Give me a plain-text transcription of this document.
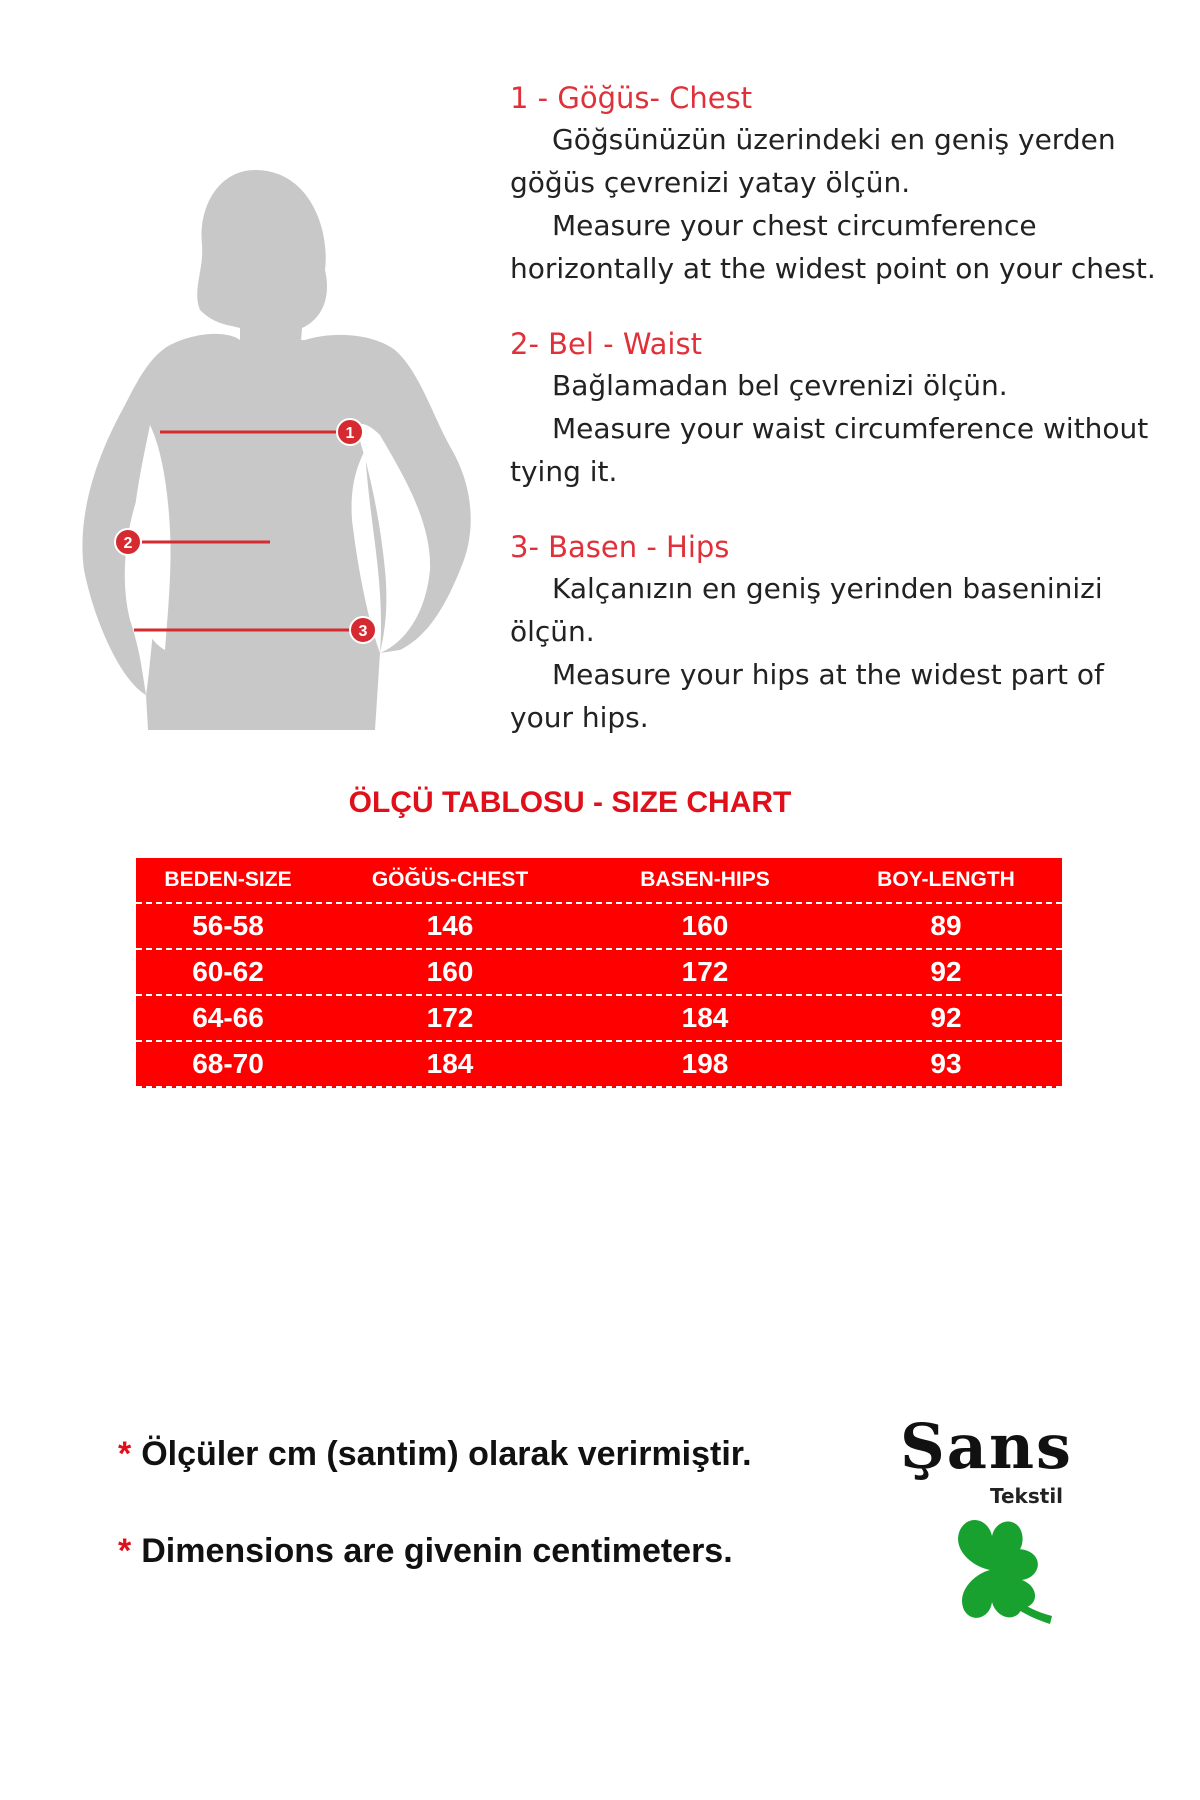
1
2
3

1 - Göğüs- Chest

Göğsünüzün üzerindeki en geniş yerden

göğüs çevrenizi yatay ölçün.

Measure your chest circumference

horizontally at the widest point on your chest.

2- Bel - Waist

Bağlamadan bel çevrenizi ölçün.

Measure your waist circumference without

tying it.

3- Basen - Hips

Kalçanızın en geniş yerinden baseninizi

ölçün.

Measure your hips at the widest part of

your hips.

ÖLÇÜ TABLOSU - SIZE CHART
BEDEN-SIZE	GÖĞÜS-CHEST	BASEN-HIPS	BOY-LENGTH
56-58	146	160	89
60-62	160	172	92
64-66	172	184	92
68-70	184	198	93

* Ölçüler cm (santim) olarak verirmiştir.

* Dimensions are givenin centimeters.

Şans
Tekstil
